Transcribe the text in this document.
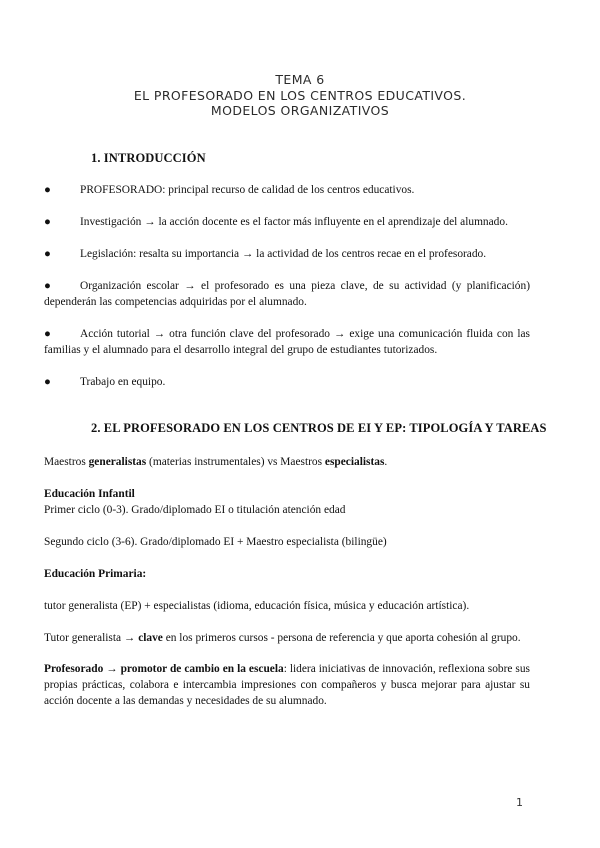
TEMA 6
EL PROFESORADO EN LOS CENTROS EDUCATIVOS.
MODELOS ORGANIZATIVOS
1. INTRODUCCIÓN
●	PROFESORADO: principal recurso de calidad de los centros educativos.
●	Investigación → la acción docente es el factor más influyente en el aprendizaje del alumnado.
●	Legislación: resalta su importancia → la actividad de los centros recae en el profesorado.
●	Organización escolar → el profesorado es una pieza clave, de su actividad (y planificación) dependerán las competencias adquiridas por el alumnado.
●	Acción tutorial → otra función clave del profesorado → exige una comunicación fluida con las familias y el alumnado para el desarrollo integral del grupo de estudiantes tutorizados.
●	Trabajo en equipo.
2. EL PROFESORADO EN LOS CENTROS DE EI Y EP: TIPOLOGÍA Y TAREAS
Maestros generalistas (materias instrumentales) vs Maestros especialistas.
Educación Infantil
Primer ciclo (0-3). Grado/diplomado EI o titulación atención edad
Segundo ciclo (3-6). Grado/diplomado EI + Maestro especialista (bilingüe)
Educación Primaria:
tutor generalista (EP) + especialistas (idioma, educación física, música y educación artística).
Tutor generalista → clave en los primeros cursos - persona de referencia y que aporta cohesión al grupo.
Profesorado → promotor de cambio en la escuela: lidera iniciativas de innovación, reflexiona sobre sus propias prácticas, colabora e intercambia impresiones con compañeros y busca mejorar para ajustar su acción docente a las demandas y necesidades de su alumnado.
1
